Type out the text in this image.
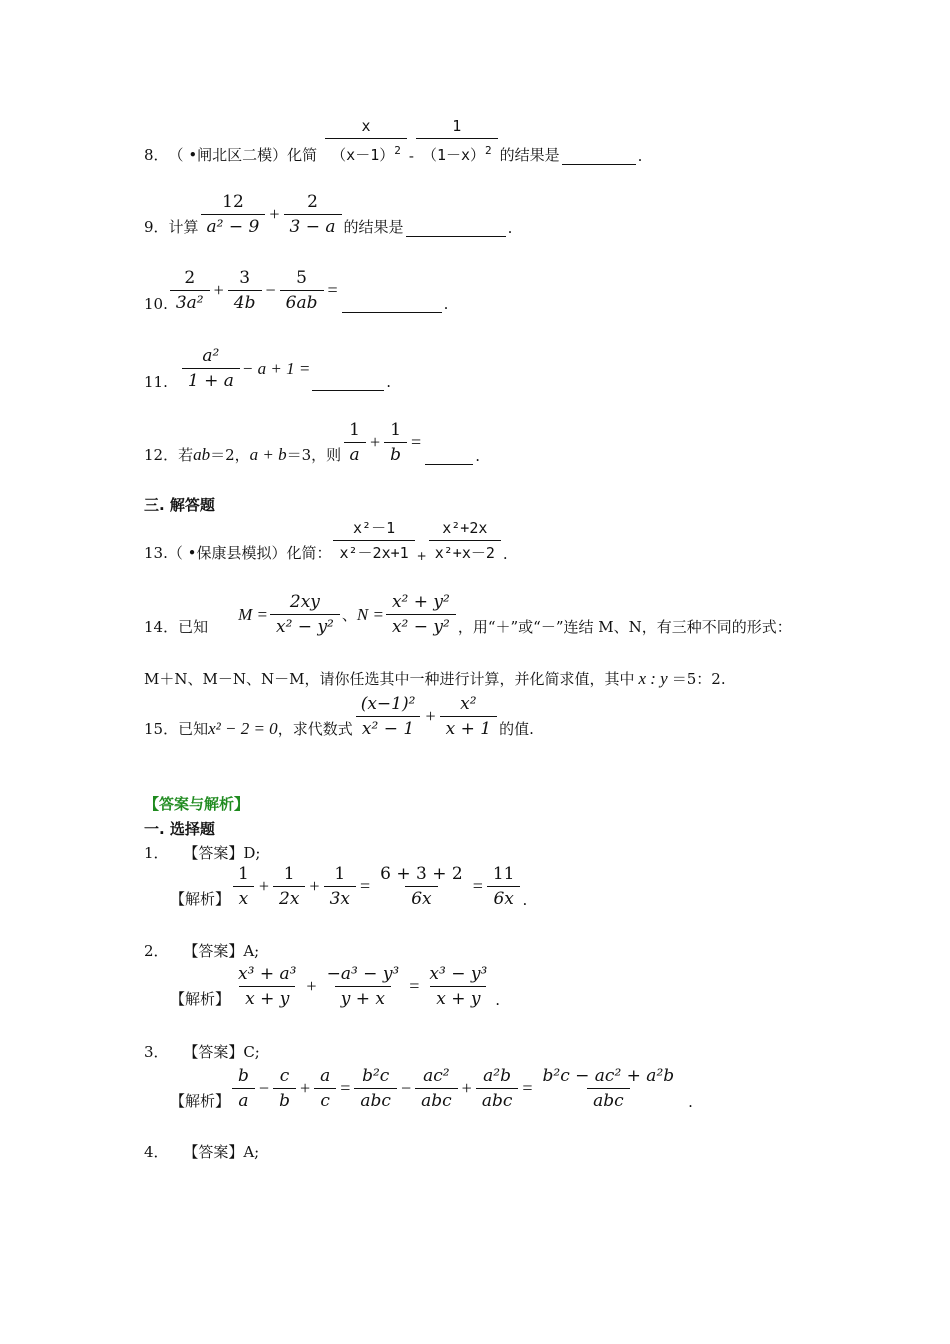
8． （ •闸北区二模）化简 $\frac{x}{(x-1)^2} - \frac{1}{(1-x)^2}$ 的结果是	.
9．计算 $\frac{12}{\text{a² − 9}} + \frac{2}{3 - a}$ 的结果是	.
10. $\frac{2}{\text{3a²}} + \frac{3}{4b} - \frac{5}{6ab}$ =
.
11. $\frac{\text{a²}}{1 + a} - a + 1$ =
.
12．若 ab ＝2， a + b ＝3，则 $\frac{1}{a} + \frac{1}{b}$ =
.
三. 解答题
13.（ •保康县模拟）化简： $\frac{\text{x²－1}}{\text{x²－2x+1}} + \frac{\text{x²+2x}}{\text{x²+x－2}}$ .
14．已知
$M = \frac{2xy}{\text{x² − y²}}$ 、 $N = \frac{\text{x² + y²}}{\text{x² − y²}}$ ，用“＋”或“－”连结 M、N，有三种不同的形式：
M＋N、M－N、N－M，请你任选其中一种进行计算，并化简求值，其中 x : y ＝5：2.
15．已知 x² − 2 = 0 ，求代数式 $\frac{\text{(x−1)²}}{\text{x² − 1}} + \frac{\text{x²}}{x + 1}$ 的值.
【答案与解析】
一. 选择题
1． 【答案】D;
【解析】 $\frac{1}{x} + \frac{1}{2x} + \frac{1}{3x} = \frac{6 + 3 + 2}{6x} = \frac{11}{6x}$ .
2． 【答案】A;
【解析】 $\frac{\text{x³ + a³}}{x + y} + \frac{\text{−a³ − y³}}{y + x} = \frac{\text{x³ − y³}}{x + y}$ .
3． 【答案】C;
【解析】 $\frac{b}{a} - \frac{c}{b} + \frac{a}{c} = \frac{\text{b²c}}{\text{abc}} - \frac{\text{ac²}}{\text{abc}} + \frac{\text{a²b}}{\text{abc}} = \frac{\text{b²c − ac² + a²b}}{\text{abc}}$ .
4． 【答案】A;
